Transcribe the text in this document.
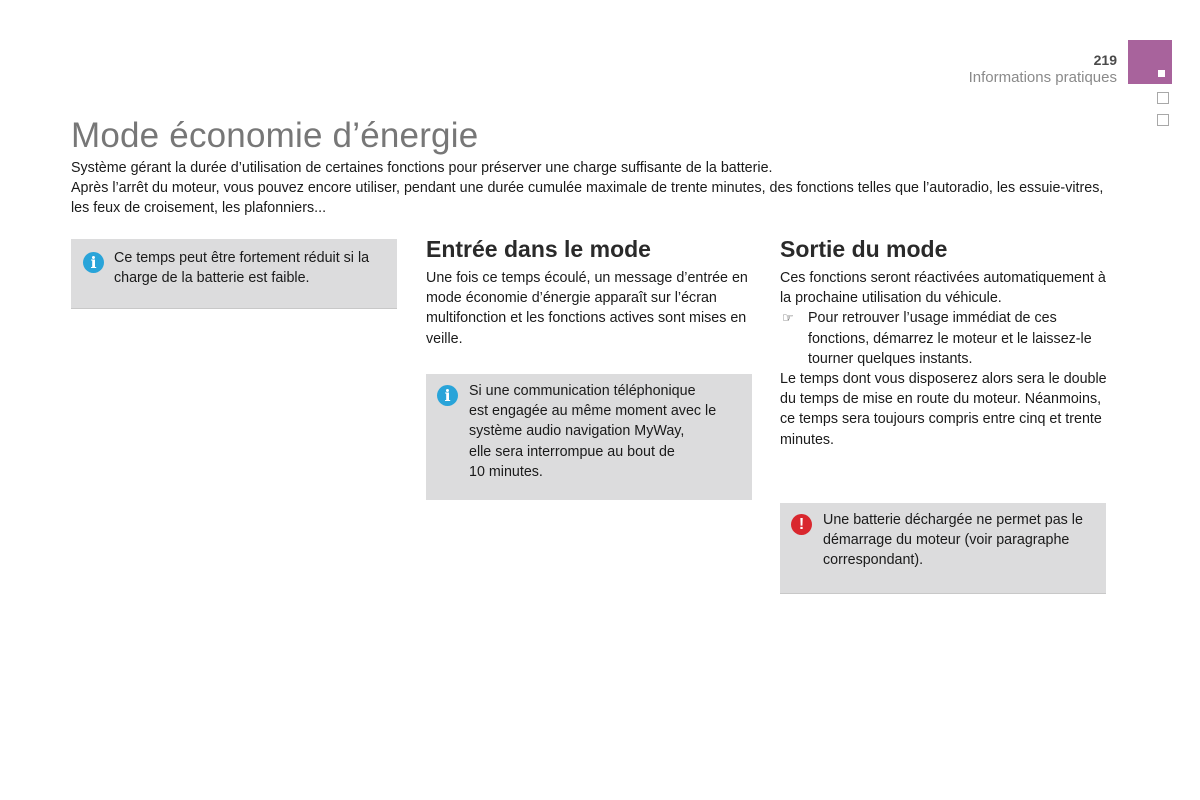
219
Informations pratiques
Mode économie d’énergie

Système gérant la durée d’utilisation de certaines fonctions pour préserver une charge suffisante de la batterie.

Après l’arrêt du moteur, vous pouvez encore utiliser, pendant une durée cumulée maximale de trente minutes, des fonctions telles que l’autoradio, les essuie-vitres, les feux de croisement, les plafonniers...

i	Ce temps peut être fortement réduit si la charge de la batterie est faible.
Entrée dans le mode
Une fois ce temps écoulé, un message d’entrée en mode économie d’énergie apparaît sur l’écran multifonction et les fonctions actives sont mises en veille.
i	Si une communication téléphonique
est engagée au même moment avec le
système audio navigation MyWay,
elle sera interrompue au bout de
10 minutes.
Sortie du mode

Ces fonctions seront réactivées automatiquement à la prochaine utilisation du véhicule.

☞ Pour retrouver l’usage immédiat de ces fonctions, démarrez le moteur et le laissez-le tourner quelques instants.

Le temps dont vous disposerez alors sera le double du temps de mise en route du moteur. Néanmoins, ce temps sera toujours compris entre cinq et trente minutes.

!	Une batterie déchargée ne permet pas le démarrage du moteur (voir paragraphe correspondant).
